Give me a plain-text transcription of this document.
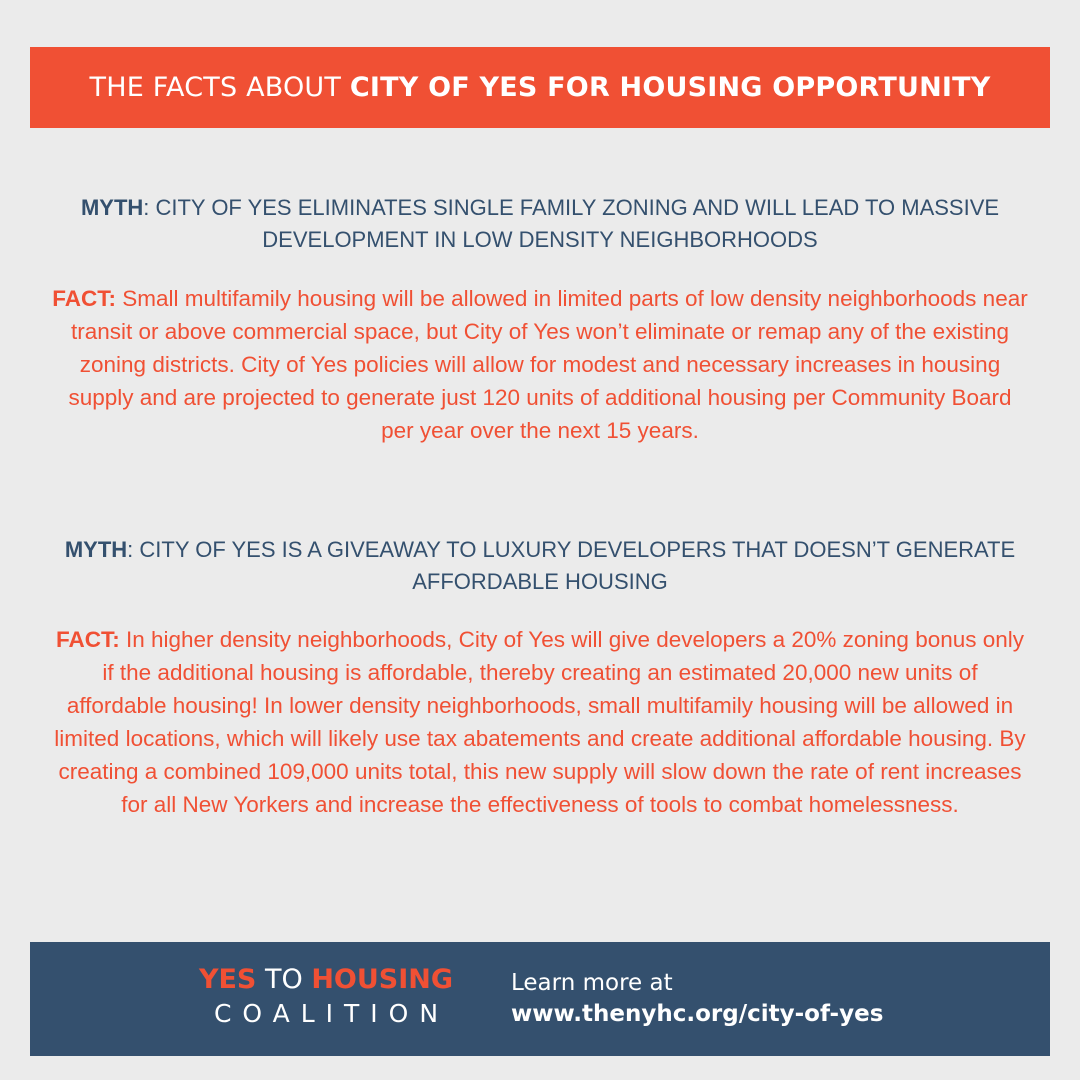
THE FACTS ABOUT
CITY OF YES FOR HOUSING OPPORTUNITY
MYTH: CITY OF YES ELIMINATES SINGLE FAMILY ZONING AND WILL LEAD TO MASSIVE DEVELOPMENT IN LOW DENSITY NEIGHBORHOODS
FACT: Small multifamily housing will be allowed in limited parts of low density neighborhoods near transit or above commercial space, but City of Yes won’t eliminate or remap any of the existing zoning districts. City of Yes policies will allow for modest and necessary increases in housing supply and are projected to generate just 120 units of additional housing per Community Board per year over the next 15 years.
MYTH: CITY OF YES IS A GIVEAWAY TO LUXURY DEVELOPERS THAT DOESN’T GENERATE AFFORDABLE HOUSING
FACT: In higher density neighborhoods, City of Yes will give developers a 20% zoning bonus only if the additional housing is affordable, thereby creating an estimated 20,000 new units of affordable housing! In lower density neighborhoods, small multifamily housing will be allowed in limited locations, which will likely use tax abatements and create additional affordable housing. By creating a combined 109,000 units total, this new supply will slow down the rate of rent increases for all New Yorkers and increase the effectiveness of tools to combat homelessness.
YES TO HOUSING
COALITION
Learn more at
www.thenyhc.org/city-of-yes
